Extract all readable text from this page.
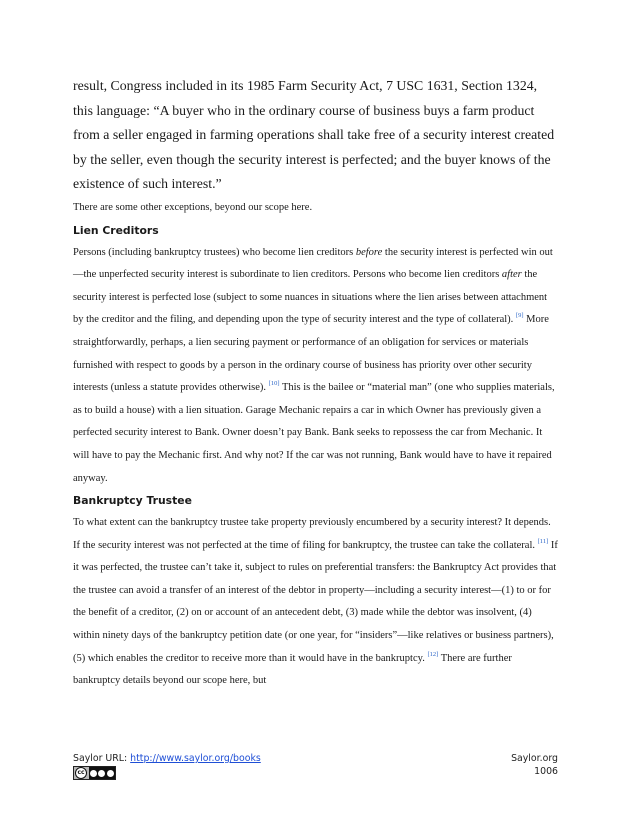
result, Congress included in its 1985 Farm Security Act, 7 USC 1631, Section 1324, this language: “A buyer who in the ordinary course of business buys a farm product from a seller engaged in farming operations shall take free of a security interest created by the seller, even though the security interest is perfected; and the buyer knows of the existence of such interest.”

There are some other exceptions, beyond our scope here.

Lien Creditors

Persons (including bankruptcy trustees) who become lien creditors before the security interest is perfected win out—the unperfected security interest is subordinate to lien creditors. Persons who become lien creditors after the security interest is perfected lose (subject to some nuances in situations where the lien arises between attachment by the creditor and the filing, and depending upon the type of security interest and the type of collateral). [9] More straightforwardly, perhaps, a lien securing payment or performance of an obligation for services or materials furnished with respect to goods by a person in the ordinary course of business has priority over other security interests (unless a statute provides otherwise). [10] This is the bailee or “material man” (one who supplies materials, as to build a house) with a lien situation. Garage Mechanic repairs a car in which Owner has previously given a perfected security interest to Bank. Owner doesn’t pay Bank. Bank seeks to repossess the car from Mechanic. It will have to pay the Mechanic first. And why not? If the car was not running, Bank would have to have it repaired anyway.

Bankruptcy Trustee

To what extent can the bankruptcy trustee take property previously encumbered by a security interest? It depends. If the security interest was not perfected at the time of filing for bankruptcy, the trustee can take the collateral. [11] If it was perfected, the trustee can’t take it, subject to rules on preferential transfers: the Bankruptcy Act provides that the trustee can avoid a transfer of an interest of the debtor in property—including a security interest—(1) to or for the benefit of a creditor, (2) on or account of an antecedent debt, (3) made while the debtor was insolvent, (4) within ninety days of the bankruptcy petition date (or one year, for “insiders”—like relatives or business partners), (5) which enables the creditor to receive more than it would have in the bankruptcy. [12] There are further bankruptcy details beyond our scope here, but

Saylor URL: http://www.saylor.org/books	Saylor.org
1006
cc
